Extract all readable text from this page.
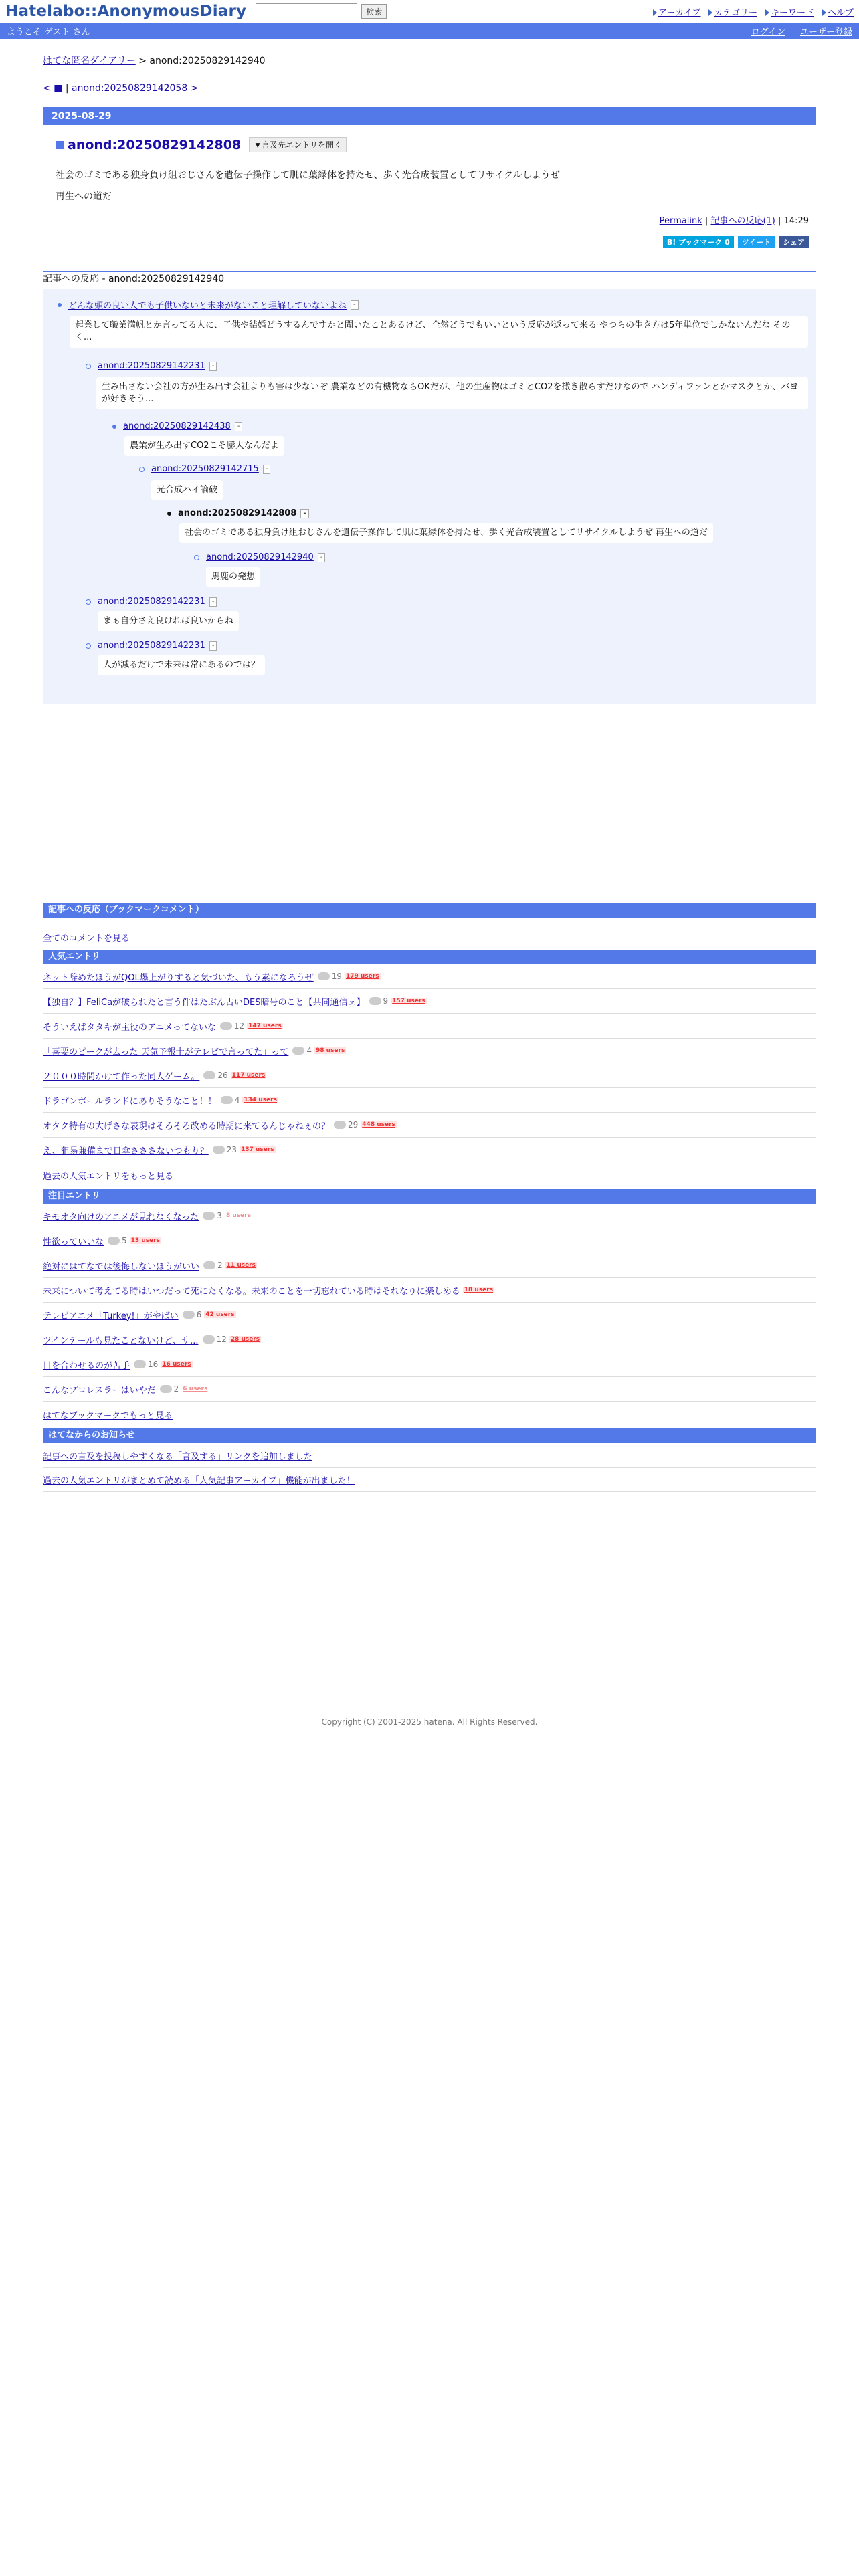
Hatelabo::AnonymousDiary	検索	アーカイブ	カテゴリー	キーワード	ヘルプ
ようこそ ゲスト さん	ログイン ユーザー登録
はてな匿名ダイアリー > anond:20250829142940
< ■ | anond:20250829142058 >
2025-08-29
anond:20250829142808	▼言及先エントリを開く
社会のゴミである独身負け組おじさんを遺伝子操作して肌に葉緑体を持たせ、歩く光合成装置としてリサイクルしようぜ
再生への道だ
Permalink | 記事への反応(1) | 14:29
B! ブックマーク 0	ツイート	シェア
記事への反応 - anond:20250829142940
どんな頭の良い人でも子供いないと未来がないこと理解していないよね	-
起業して職業満帆とか言ってる人に、子供や結婚どうするんですかと聞いたことあるけど、全然どうでもいいという反応が返って来る やつらの生き方は5年単位でしかないんだな そのく...
anond:20250829142231	-
生み出さない会社の方が生み出す会社よりも害は少ないぞ 農業などの有機物ならOKだが、他の生産物はゴミとCO2を撒き散らすだけなので ハンディファンとかマスクとか、バヨが好きそう...
anond:20250829142438	-
農業が生み出すCO2こそ膨大なんだよ
anond:20250829142715	-
光合成ハイ論破
anond:20250829142808	-
社会のゴミである独身負け組おじさんを遺伝子操作して肌に葉緑体を持たせ、歩く光合成装置としてリサイクルしようぜ 再生への道だ
anond:20250829142940	-
馬鹿の発想
anond:20250829142231	-
まぁ自分さえ良ければ良いからね
anond:20250829142231	-
人が減るだけで未来は常にあるのでは？
記事への反応（ブックマークコメント）
全てのコメントを見る
人気エントリ
ネット辞めたほうがQOL爆上がりすると気づいた、もう素になろうぜ 19 179 users
【独自？】FeliCaが破られたと言う件はたぶん古いDES暗号のこと【共同通信ェ】 9 157 users
そういえばタタキが主役のアニメってないな 12 147 users
「喜要のピークが去った 天気予報士がテレビで言ってた」って 4 98 users
２０００時間かけて作った同人ゲーム。 26 117 users
ドラゴンボールランドにありそうなこと！！ 4 134 users
オタク特有の大げさな表現はそろそろ改める時期に来てるんじゃねぇの？ 29 448 users
え、狙易兼備まで日傘さささないつもり？ 23 137 users
過去の人気エントリをもっと見る
注目エントリ
キモオタ向けのアニメが見れなくなった 3 8 users
性欲っていいな 5 13 users
絶対にはてなでは後悔しないほうがいい 2 11 users
未来について考えてる時はいつだって死にたくなる。未来のことを一切忘れている時はそれなりに楽しめる 18 users
テレビアニメ「Turkey!」がやばい 6 42 users
ツインテールも見たことないけど、サ... 12 28 users
目を合わせるのが苦手 16 16 users
こんなプロレスラーはいやだ 2 6 users
はてなブックマークでもっと見る
はてなからのお知らせ
記事への言及を投稿しやすくなる「言及する」リンクを追加しました
過去の人気エントリがまとめて読める「人気記事アーカイブ」機能が出ました！
Copyright (C) 2001-2025 hatena. All Rights Reserved.
